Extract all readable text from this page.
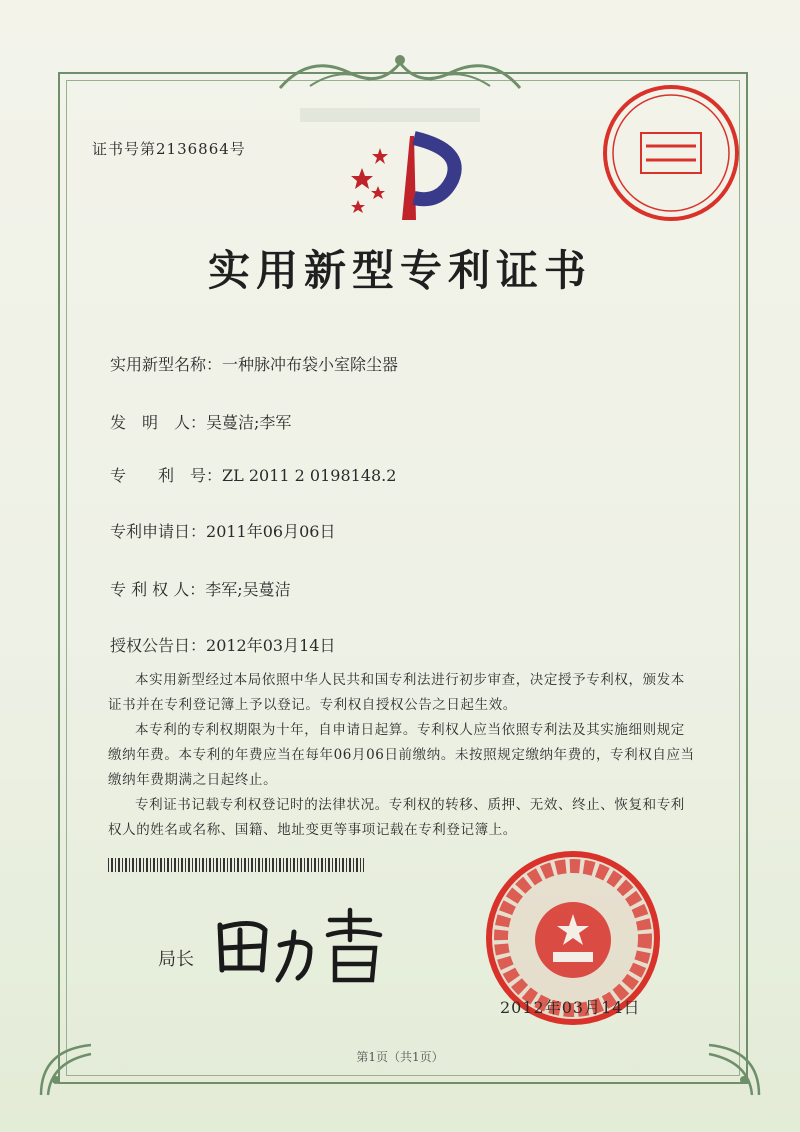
证书号第2136864号
实用新型专利证书
实用新型名称：一种脉冲布袋小室除尘器
发　明　人：吴蔓洁;李军
专　　利　号：ZL 2011 2 0198148.2
专利申请日：2011年06月06日
专 利 权 人：李军;吴蔓洁
授权公告日：2012年03月14日

本实用新型经过本局依照中华人民共和国专利法进行初步审查，决定授予专利权，颁发本证书并在专利登记簿上予以登记。专利权自授权公告之日起生效。

本专利的专利权期限为十年，自申请日起算。专利权人应当依照专利法及其实施细则规定缴纳年费。本专利的年费应当在每年06月06日前缴纳。未按照规定缴纳年费的，专利权自应当缴纳年费期满之日起终止。

专利证书记载专利权登记时的法律状况。专利权的转移、质押、无效、终止、恢复和专利权人的姓名或名称、国籍、地址变更等事项记载在专利登记簿上。

局长
2012年03月14日
第1页（共1页）
